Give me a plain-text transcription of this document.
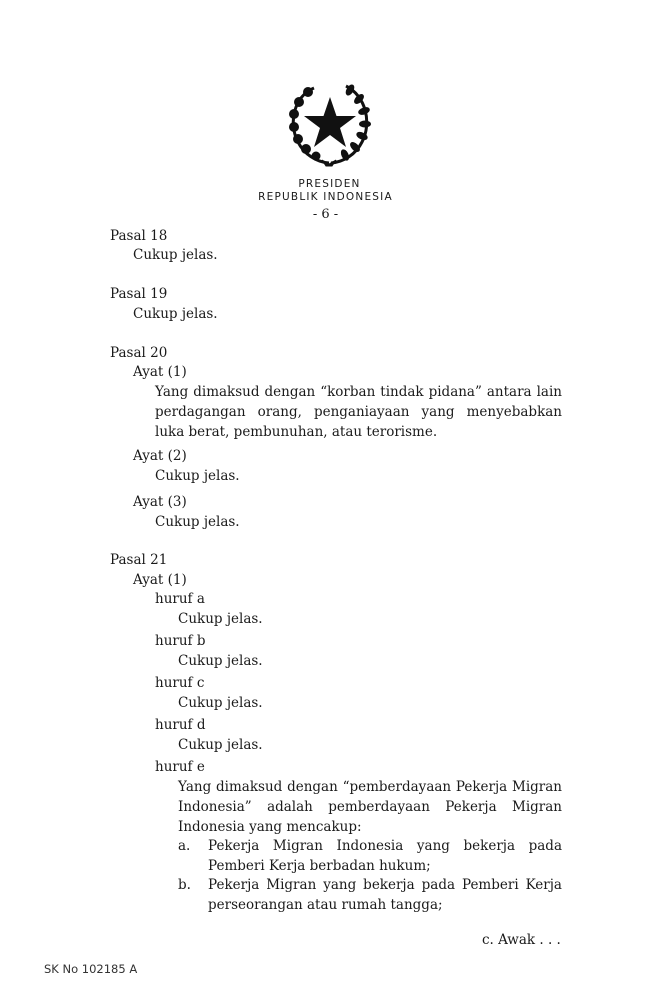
PRESIDEN
REPUBLIK INDONESIA
- 6 -
Pasal 18
Cukup jelas.
Pasal 19
Cukup jelas.
Pasal 20
Ayat (1)
Yang dimaksud dengan “korban tindak pidana” antara lain perdagangan orang, penganiayaan yang menyebabkan luka berat, pembunuhan, atau terorisme.
Ayat (2)
Cukup jelas.
Ayat (3)
Cukup jelas.
Pasal 21
Ayat (1)
huruf a
Cukup jelas.
huruf b
Cukup jelas.
huruf c
Cukup jelas.
huruf d
Cukup jelas.
huruf e
Yang dimaksud dengan “pemberdayaan Pekerja Migran Indonesia” adalah pemberdayaan Pekerja Migran Indonesia yang mencakup:
a. Pekerja Migran Indonesia yang bekerja pada Pemberi Kerja berbadan hukum;
b. Pekerja Migran yang bekerja pada Pemberi Kerja perseorangan atau rumah tangga;
c. Awak . . .
SK No 102185 A
